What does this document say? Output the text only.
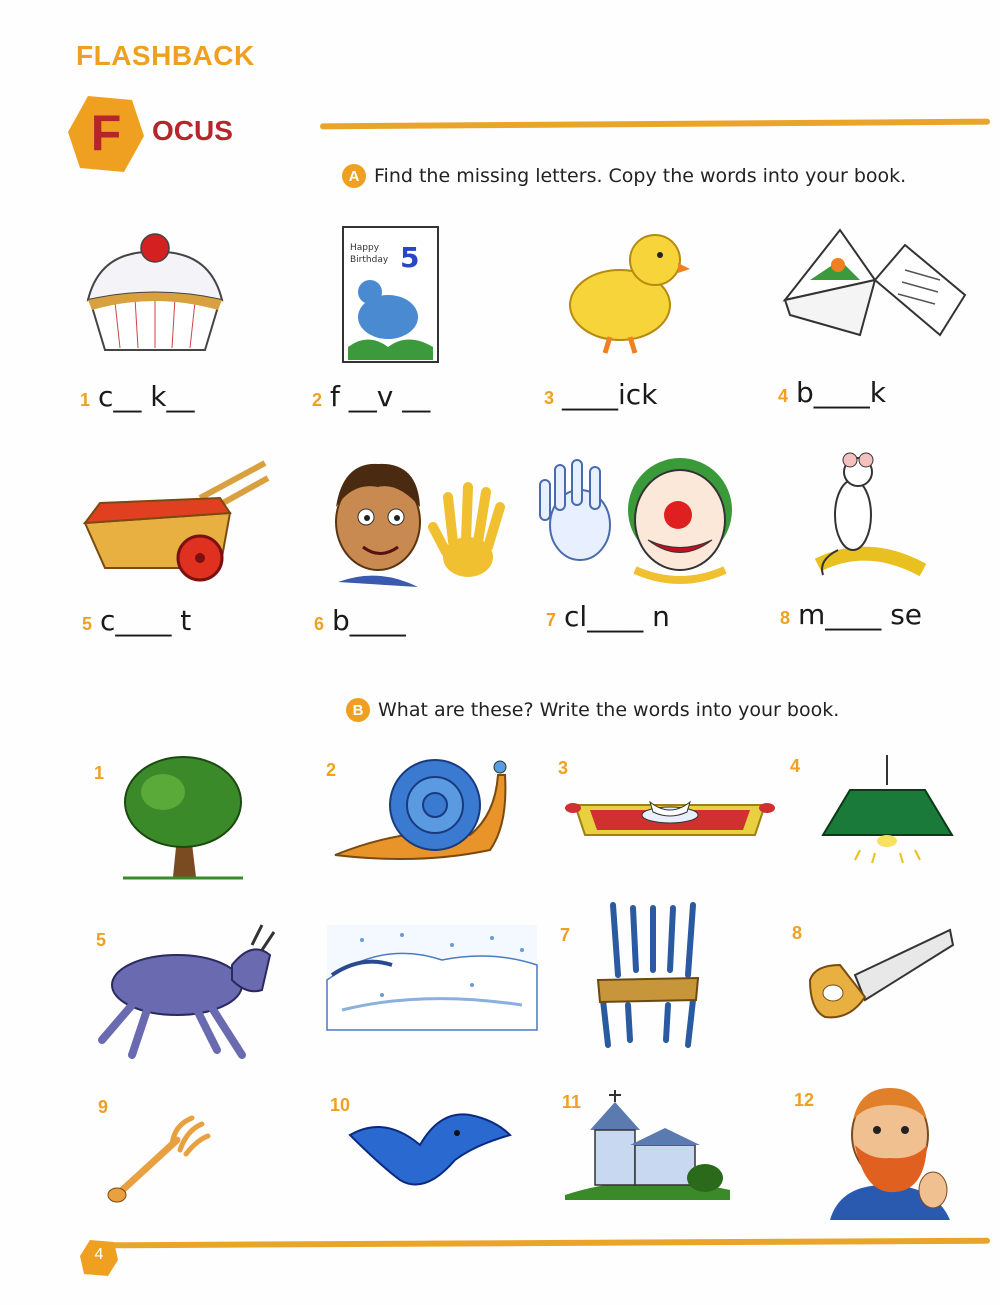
FLASHBACK
F OCUS
A Find the missing letters. Copy the words into your book.
Happy
Birthday 5
1 c__ k__	2 f __v __	3 ____ick	4 b____k
5 c____ t	6 b____	7 cl____ n	8 m____ se
B What are these? Write the words into your book.
1	2	3	4
5	7	8
9	10	11	12
4
